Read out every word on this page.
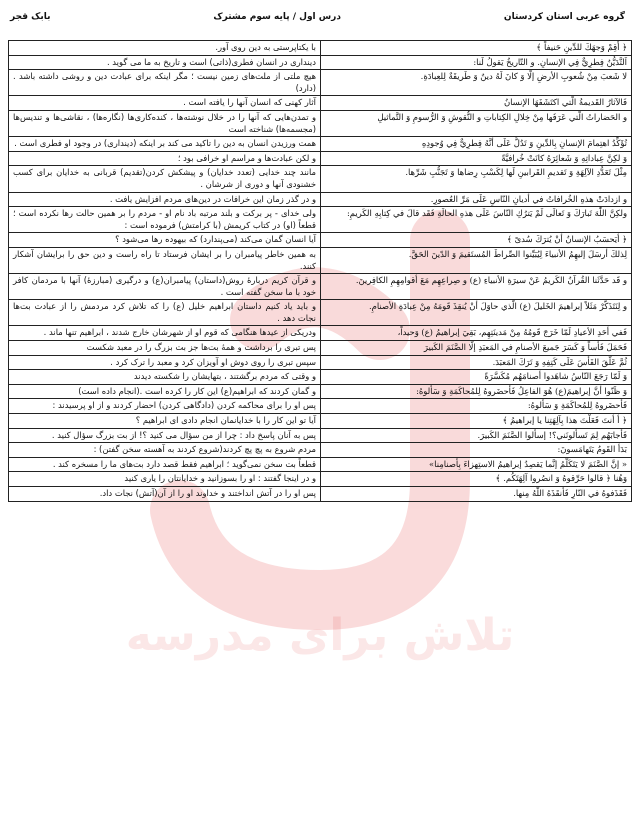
تلاش برای مدرسه
گروه عربی استان کردستان
درس اول / پایه سوم مشترک
بابک قجر
﴿ أَقِمْ وَجهَكَ للدِّینِ حَنیفاً ﴾	با یکتاپرستی به دین روی آور.
اَلتَّدَیُّنُ فِطرِيٌّ فِي الإنسانِ. و التّاریخُ یَقولُ لَنا:	دینداری در انسان فطری(ذاتی) است و تاریخ به ما می گوید .
لا شَعبَ مِنْ شُعوبِ الأرضِ إلّا وَ كانَ لَهُ دینٌ وَ طَریقَةٌ لِلعِبادَةِ.	هیچ ملتی از ملت‌های زمین نیست ؛ مگر اینکه برای عبادت دین و روشی داشته باشد . (دارد)
فَالآثارُ القَدیمةُ الَّتي اكتَشَفَهَا الإنسانُ	آثار کهنی که انسان آنها را یافته است .
و الحَضاراتُ الَّتي عَرَفَها مِنْ خِلالِ الكِتاباتِ و النُّقوشِ وَ الرُّسومِ وَ التَّماثیلِ	و تمدن‌هایی که آنها را در خلال نوشته‌ها ، کنده‌کاری‌ها (نگاره‌ها) ، نقاشی‌ها و تندیس‌ها (مجسمه‌ها) شناخته است
تُؤَكِّدُ اهتِمامَ الإنسانِ بِالدِّینِ وَ تَدُلُّ عَلَی أنَّهُ فِطرِيٌّ فِي وُجودِهِ	همت ورزیدن انسان به دین را تاکید می کند بر اینکه (دینداری) در وجود او فطری است .
وَ لكِنَّ عِباداتِهِ وَ شَعائِرَهُ كانَتْ خُرافیَّةً	و لکن عبادت‌ها و مراسم او خرافی بود ؛
مِثْلَ تَعَدُّدِ الآلِهَةِ وَ تَقدیمِ القَرابینِ لَها لِكَسْبِ رِضاها وَ تَجَنُّبِ شَرِّها.	مانند چند خدایی (تعدد خدایان) و پیشکش کردن(تقدیم) قربانی به خدایان برای کسب خشنودی آنها و دوری از شرشان .
و ازدادَتْ هذهِ الخُرافاتُ في أدیانِ النّاسِ عَلَی مَرِّ العُصورِ.	و در گذر زمان این خرافات در دین‌های مردم افزایش یافت .
ولكِنَّ اللّٰهَ تَبارَكَ وَ تَعالَی لَمْ یَترُكِ النّاسَ عَلَی هذهِ الحالَةِ فَقَد قالَ في كِتابِهِ الكَریمِ:	ولی خدای - پر برکت و بلند مرتبه باد نام او - مردم را بر همین حالت رها نکرده است ؛ قطعاً (او) در کتاب کریمش (با کرامتش) فرموده است :
﴿ أیَحسَبُ الإنسانُ أنْ یُترَكَ سُدیً ﴾	آیا انسان گمان می‌کند (می‌پندارد) که بیهوده رها می‌شود ؟
لِذلكَ أرسَلَ إلیهِمُ الأنبیاءَ لِیُبَیِّنوا الصِّراطَ المُستَقیمَ وَ الدّینَ الحَقَّ.	به همین خاطر پیامبران را بر ایشان فرستاد تا راه راست و دین حق را برایشان آشکار کنند.
و قَد حَدَّثَنا القُرآنُ الكَریمُ عَنْ سیرَةِ الأنبیاءِ (ع) و صِراعِهِم مَعَ أقوامِهِمِ الكافِرینَ.	و قرآن کریم دربارهٔ روش(داستان) پیامبران(ع) و درگیری (مبارزهٔ) آنها با مردمان کافر خود با ما سخن گفته است .
و لِنَتَذَكَّرْ مَثَلاً إبراهیمَ الخَلیلَ (ع) الّذي حاوَلَ أنْ یُنقِذَ قَومَهُ مِنْ عِبادَةِ الأصنامِ.	و باید یاد کنیم داستان ابراهیم خلیل (ع) را که تلاش کرد مردمش را از عبادت بت‌ها نجات دهد .
فَفي أحَدِ الأعیادِ لَمّا خَرَجَ قَومُهُ مِنْ مَدینَتِهِم، بَقِيَ إبراهیمُ (ع) وَحیداً،	ودریکی از عیدها هنگامی که قوم او از شهرشان خارج شدند ، ابراهیم تنها ماند .
فَحَمَلَ فَأساً وَ كَسَرَ جَمیعَ الأصنامِ في المَعبَدِ إلّا الصَّنَمَ الكَبیرَ	پس تبری را برداشت و همهٔ بت‌ها جز بت بزرگ را در معبد شکست
ثُمَّ عَلَّقَ الفَأسَ عَلَی كَتِفِهِ وَ تَرَكَ المَعبَدَ.	سپس تبری را روی دوش او آویزان کرد و معبد را ترک کرد .
وَ لَمّا رَجَعَ النّاسُ شاهَدوا أصنامَهُم مُكَسَّرَةً	و وقتی که مردم برگشتند ، بتهایشان را شکسته دیدند
وَ ظَنّوا أنَّ إبراهیمَ(ع) هُوَ الفاعِلُ فَأحضَروهُ لِلمُحاكَمَةِ وَ سَألوهُ:	و گمان کردند که ابراهیم(ع) این کار را کرده است .(انجام داده است)
فَأحضَروهُ لِلمُحاكَمَةِ وَ سَألوهُ:	پس او را برای محاکمه کردن (دادگاهی کردن) احضار کردند و از او پرسیدند :
﴿ أ أنتَ فَعَلْتَ هذا بِآلِهَتِنا یا إبراهیمُ ﴾	آیا تو این کار را با خدایانمان انجام دادی ای ابراهیم ؟
فَأجابَهُم لِمَ تَسألونَني؟! إسألوا الصَّنَمَ الكَبیرَ.	پس به آنان پاسخ داد : چرا از من سؤال می کنید ؟! از بت بزرگ سؤال کنید .
بَدَأ القَومُ یَتَهامَسونَ:	مردم شروع به پچ پچ کردند(شروع کردند به آهسته سخن گفتن) :
« إنَّ الصَّنَمَ لا یَتَكَلَّمُ إنَّما یَقصِدُ إبراهیمُ الاستِهزاءَ بِأصنامِنا»	قطعاً بت سخن نمی‌گوید ؛ ابراهیم فقط قصد دارد بت‌های ما را مسخره کند .
وَهُنا ﴿ قالوا حَرِّقوهُ وَ انصُروا آلِهَتَكُم. ﴾	و در اینجا گفتند : او را بسوزانید و خدایانتان را یاری کنید
فَقَذَفوهُ في النّارِ فَأنقَذَهُ اللّٰهُ مِنها.	پس او را در آتش انداختند و خداوند او را از آن(آتش) نجات داد.
